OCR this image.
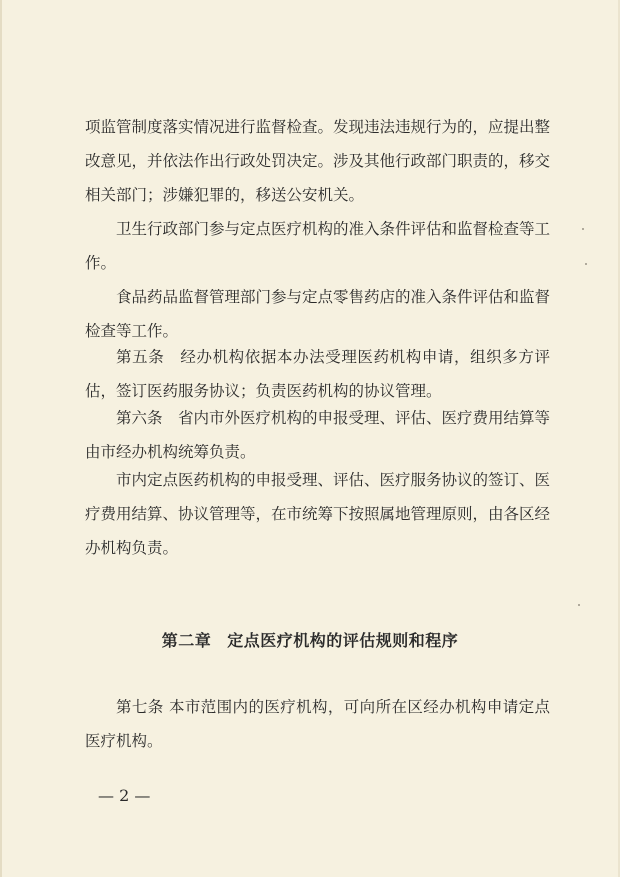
项监管制度落实情况进行监督检查。发现违法违规行为的，应提出整改意见，并依法作出行政处罚决定。涉及其他行政部门职责的，移交相关部门；涉嫌犯罪的，移送公安机关。

卫生行政部门参与定点医疗机构的准入条件评估和监督检查等工作。

食品药品监督管理部门参与定点零售药店的准入条件评估和监督检查等工作。

第五条　经办机构依据本办法受理医药机构申请，组织多方评估，签订医药服务协议；负责医药机构的协议管理。

第六条　省内市外医疗机构的申报受理、评估、医疗费用结算等由市经办机构统筹负责。

市内定点医药机构的申报受理、评估、医疗服务协议的签订、医疗费用结算、协议管理等，在市统筹下按照属地管理原则，由各区经办机构负责。

第二章 定点医疗机构的评估规则和程序

第七条 本市范围内的医疗机构，可向所在区经办机构申请定点医疗机构。

— 2 —
